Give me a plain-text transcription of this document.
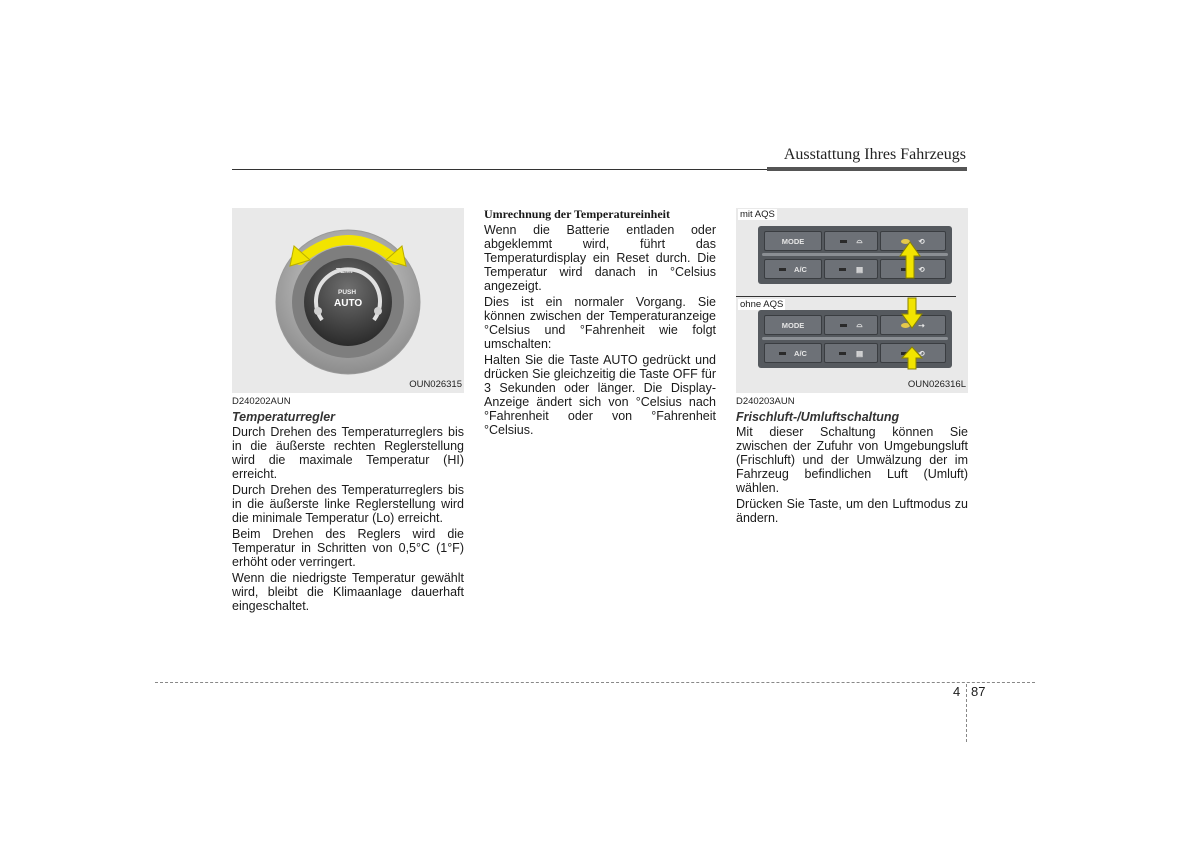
Ausstattung Ihres Fahrzeugs
TEMP
PUSH
AUTO
OUN026315
D240202AUN
Temperaturregler

Durch Drehen des Temperaturreglers bis in die äußerste rechten Reglerstellung wird die maximale Temperatur (HI) erreicht.

Durch Drehen des Temperaturreglers bis in die äußerste linke Reglerstellung wird die minimale Temperatur (Lo) erreicht.

Beim Drehen des Reglers wird die Temperatur in Schritten von 0,5°C (1°F) erhöht oder verringert.

Wenn die niedrigste Temperatur gewählt wird, bleibt die Klimaanlage dauerhaft eingeschaltet.

Umrechnung der Temperatureinheit

Wenn die Batterie entladen oder abgeklemmt wird, führt das Temperaturdisplay ein Reset durch. Die Temperatur wird danach in °Celsius angezeigt.

Dies ist ein normaler Vorgang. Sie können zwischen der Temperaturanzeige °Celsius und °Fahrenheit wie folgt umschalten:

Halten Sie die Taste AUTO gedrückt und drücken Sie gleichzeitig die Taste OFF für 3 Sekunden oder länger. Die Display-Anzeige ändert sich von °Celsius nach °Fahrenheit oder von °Fahrenheit °Celsius.

mit AQS
MODE	⌓	⟲
A/C	▤	⟲
ohne AQS
MODE	⌓	⇢
A/C	▤	⟲
OUN026316L
D240203AUN
Frischluft-/Umluftschaltung

Mit dieser Schaltung können Sie zwischen der Zufuhr von Umgebungsluft (Frischluft) und der Umwälzung der im Fahrzeug befindlichen Luft (Umluft) wählen.

Drücken Sie Taste, um den Luftmodus zu ändern.

4 87
